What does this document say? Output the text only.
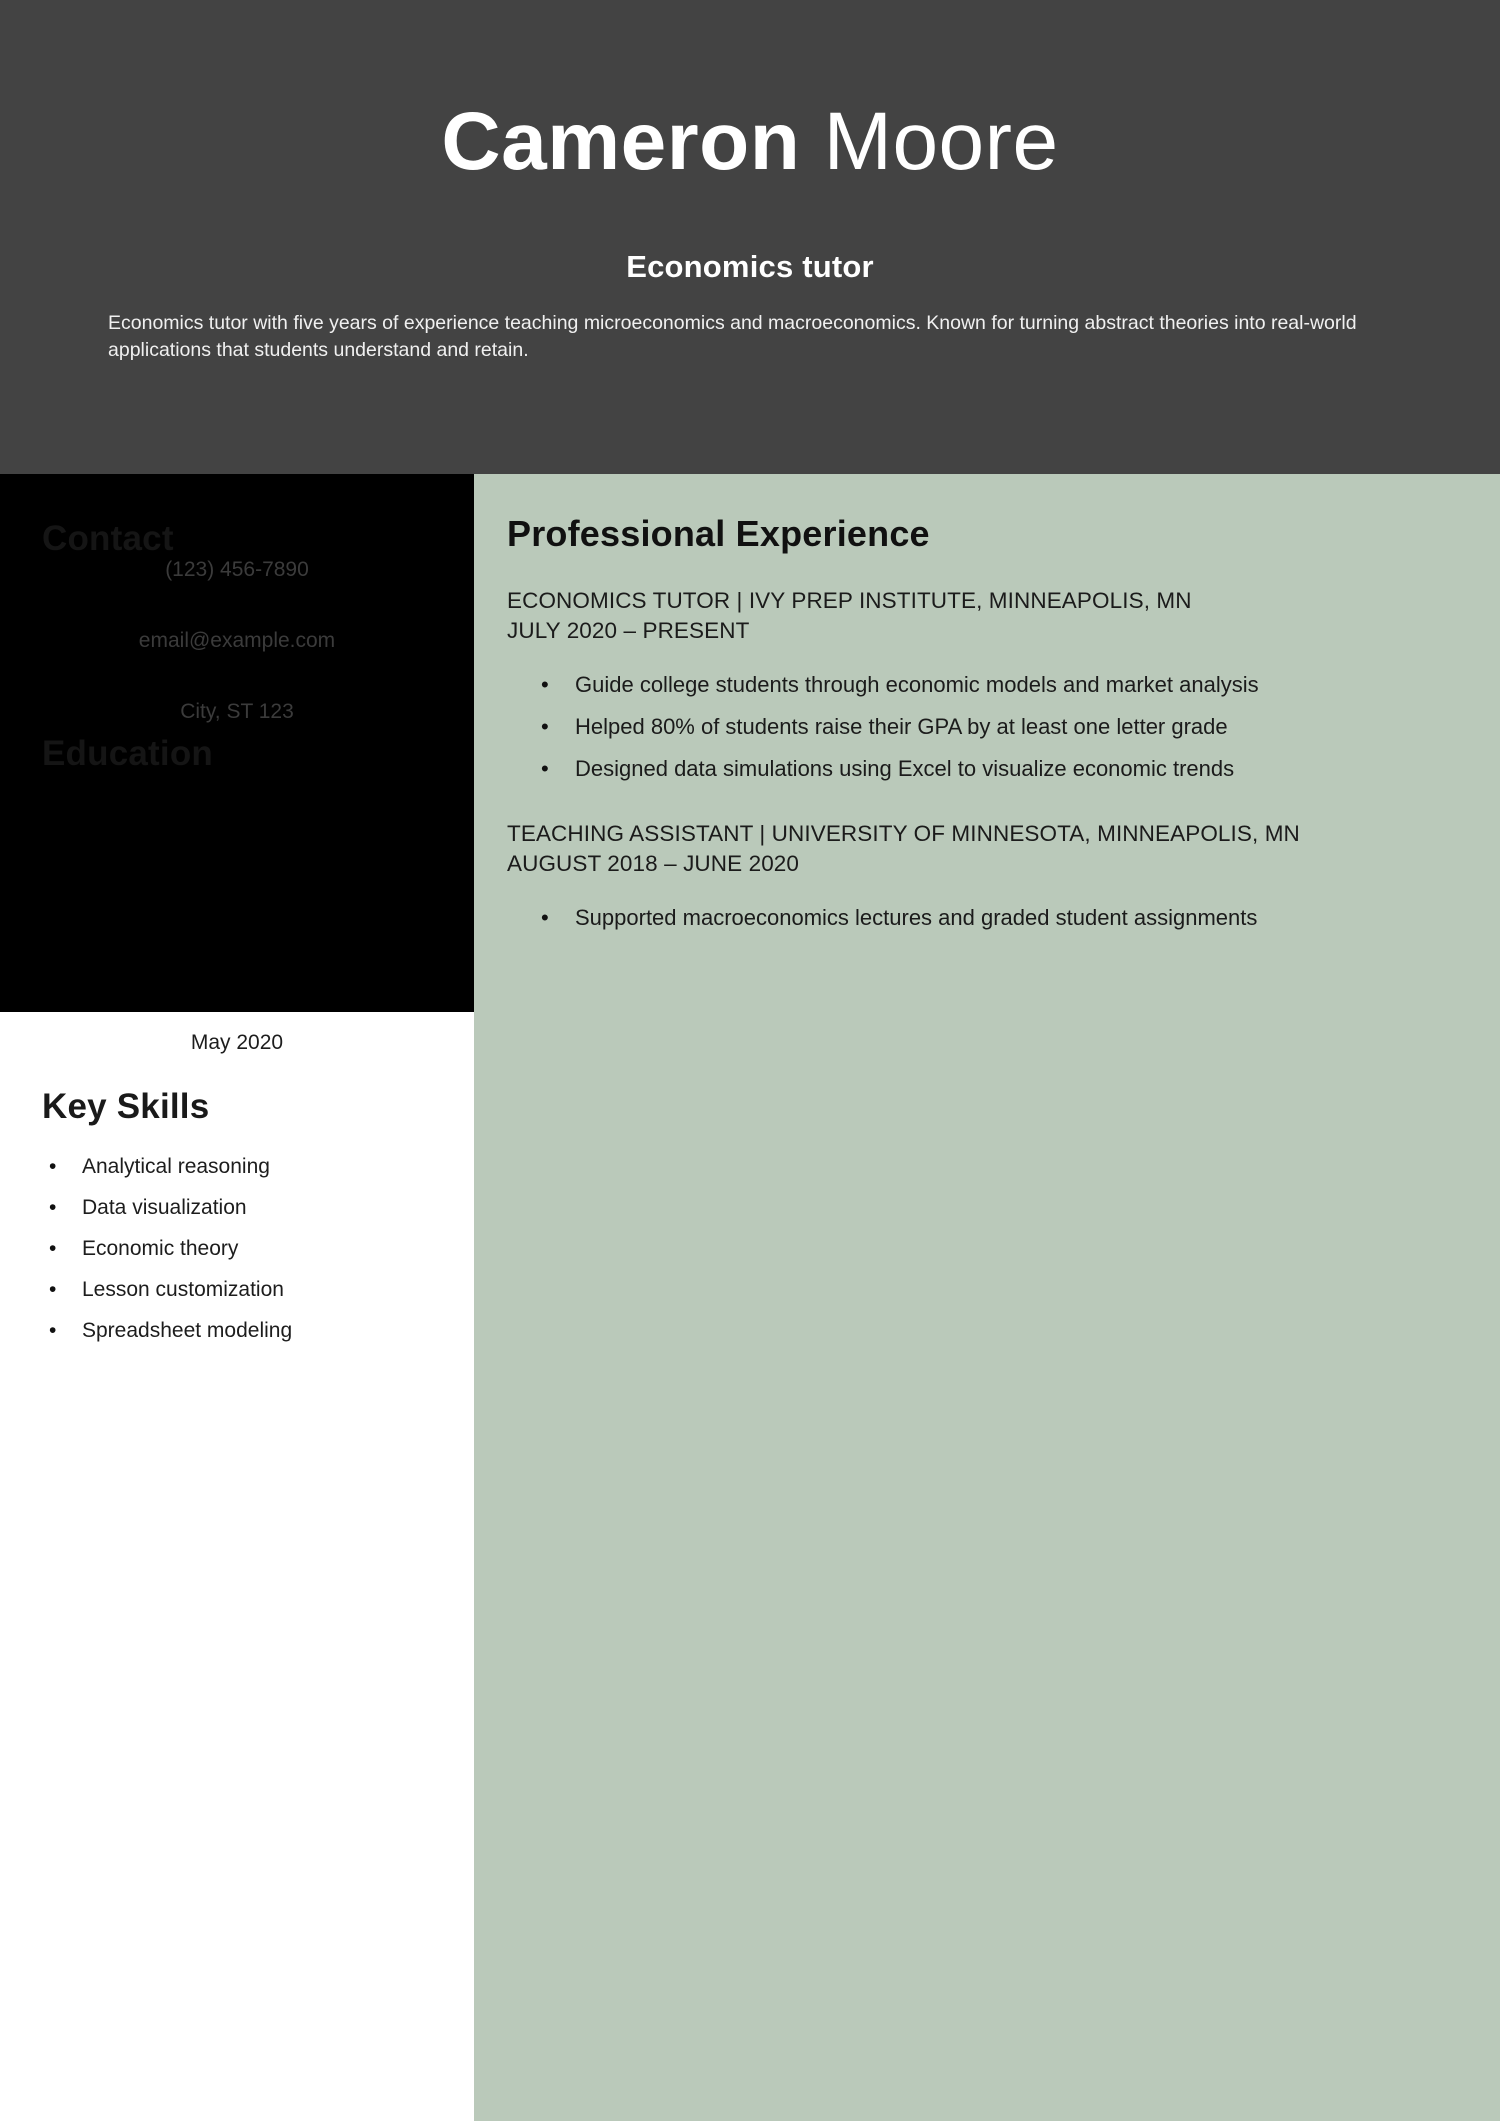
Cameron Moore
Economics tutor
Economics tutor with five years of experience teaching microeconomics and macroeconomics. Known for turning abstract theories into real-world applications that students understand and retain.
Contact
(123) 456-7890
email@example.com
City, ST 123
Education
May 2020
Key Skills
• Analytical reasoning
• Data visualization
• Economic theory
• Lesson customization
• Spreadsheet modeling
Professional Experience
ECONOMICS TUTOR | IVY PREP INSTITUTE, MINNEAPOLIS, MN
JULY 2020 – PRESENT
• Guide college students through economic models and market analysis
• Helped 80% of students raise their GPA by at least one letter grade
• Designed data simulations using Excel to visualize economic trends
TEACHING ASSISTANT | UNIVERSITY OF MINNESOTA, MINNEAPOLIS, MN
AUGUST 2018 – JUNE 2020
• Supported macroeconomics lectures and graded student assignments
